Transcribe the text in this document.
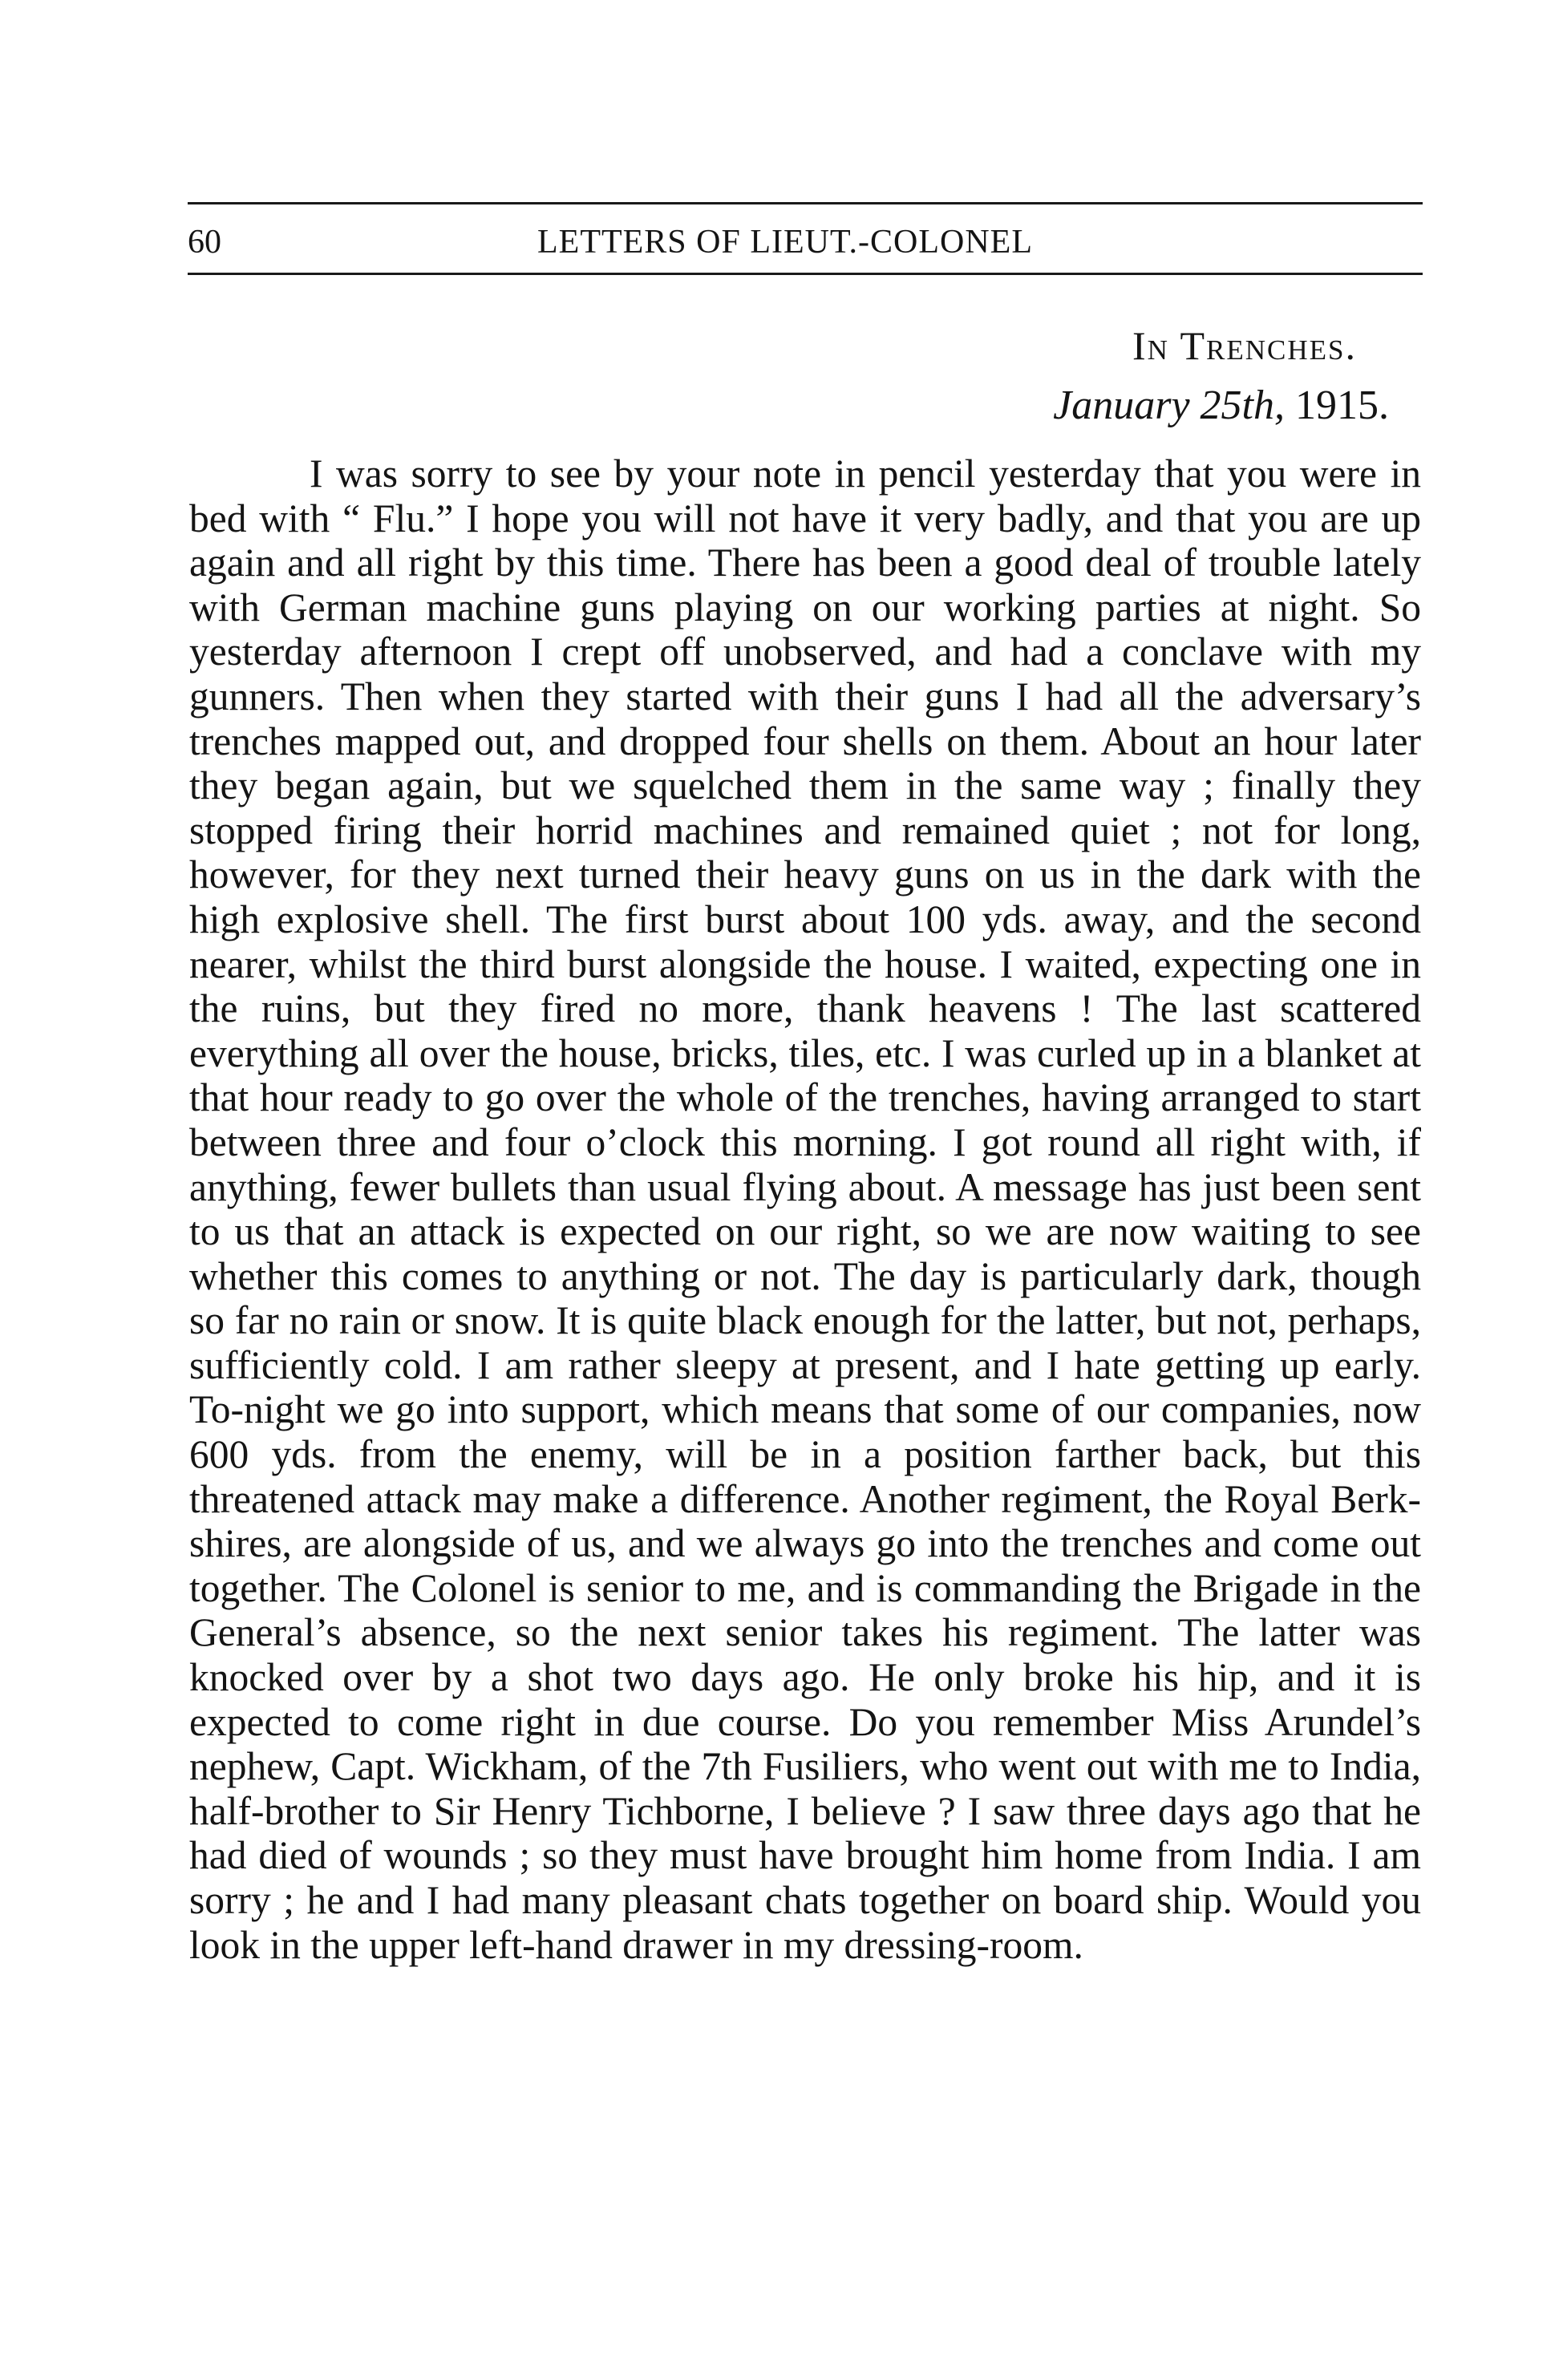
60	LETTERS OF LIEUT.-COLONEL
In Trenches.
January 25th, 1915.

I was sorry to see by your note in pencil yesterday that you were in bed with “ Flu.” I hope you will not have it very badly, and that you are up again and all right by this time. There has been a good deal of trouble lately with German machine guns playing on our working parties at night. So yesterday afternoon I crept off unobserved, and had a conclave with my gunners. Then when they started with their guns I had all the adversary’s trenches mapped out, and dropped four shells on them. About an hour later they began again, but we squelched them in the same way ; finally they stopped firing their horrid machines and remained quiet ; not for long, however, for they next turned their heavy guns on us in the dark with the high explosive shell. The first burst about 100 yds. away, and the second nearer, whilst the third burst alongside the house. I waited, expecting one in the ruins, but they fired no more, thank heavens ! The last scattered everything all over the house, bricks, tiles, etc. I was curled up in a blanket at that hour ready to go over the whole of the trenches, having arranged to start between three and four o’clock this morning. I got round all right with, if anything, fewer bullets than usual flying about. A message has just been sent to us that an attack is expected on our right, so we are now waiting to see whether this comes to anything or not. The day is particularly dark, though so far no rain or snow. It is quite black enough for the latter, but not, perhaps, sufficiently cold. I am rather sleepy at present, and I hate getting up early. To-night we go into support, which means that some of our companies, now 600 yds. from the enemy, will be in a position farther back, but this threatened attack may make a difference. Another regiment, the Royal Berk-shires, are alongside of us, and we always go into the trenches and come out together. The Colonel is senior to me, and is commanding the Brigade in the General’s absence, so the next senior takes his regiment. The latter was knocked over by a shot two days ago. He only broke his hip, and it is expected to come right in due course. Do you remember Miss Arundel’s nephew, Capt. Wickham, of the 7th Fusiliers, who went out with me to India, half-brother to Sir Henry Tichborne, I believe ? I saw three days ago that he had died of wounds ; so they must have brought him home from India. I am sorry ; he and I had many pleasant chats together on board ship. Would you look in the upper left-hand drawer in my dressing-room.
